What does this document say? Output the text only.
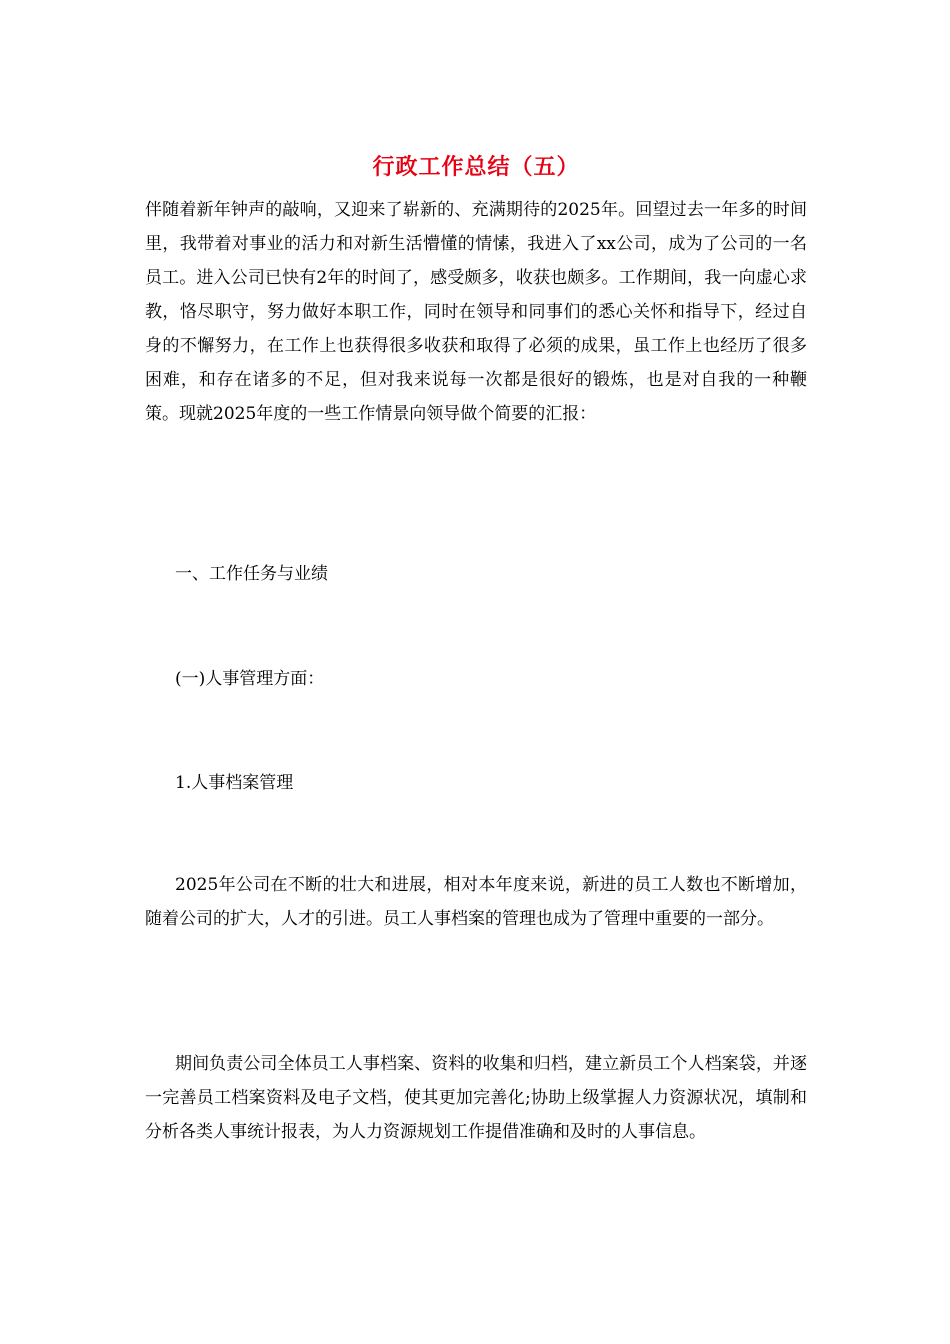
行政工作总结（五）

伴随着新年钟声的敲响，又迎来了崭新的、充满期待的2025年。回望过去一年多的时间里，我带着对事业的活力和对新生活懵懂的情愫，我进入了xx公司，成为了公司的一名员工。进入公司已快有2年的时间了，感受颇多，收获也颇多。工作期间，我一向虚心求教，恪尽职守，努力做好本职工作，同时在领导和同事们的悉心关怀和指导下，经过自身的不懈努力，在工作上也获得很多收获和取得了必须的成果，虽工作上也经历了很多困难，和存在诸多的不足，但对我来说每一次都是很好的锻炼，也是对自我的一种鞭策。现就2025年度的一些工作情景向领导做个简要的汇报：

一、工作任务与业绩

(一)人事管理方面：

1.人事档案管理

2025年公司在不断的壮大和进展，相对本年度来说，新进的员工人数也不断增加，随着公司的扩大，人才的引进。员工人事档案的管理也成为了管理中重要的一部分。

期间负责公司全体员工人事档案、资料的收集和归档，建立新员工个人档案袋，并逐一完善员工档案资料及电子文档，使其更加完善化;协助上级掌握人力资源状况，填制和分析各类人事统计报表，为人力资源规划工作提借准确和及时的人事信息。
